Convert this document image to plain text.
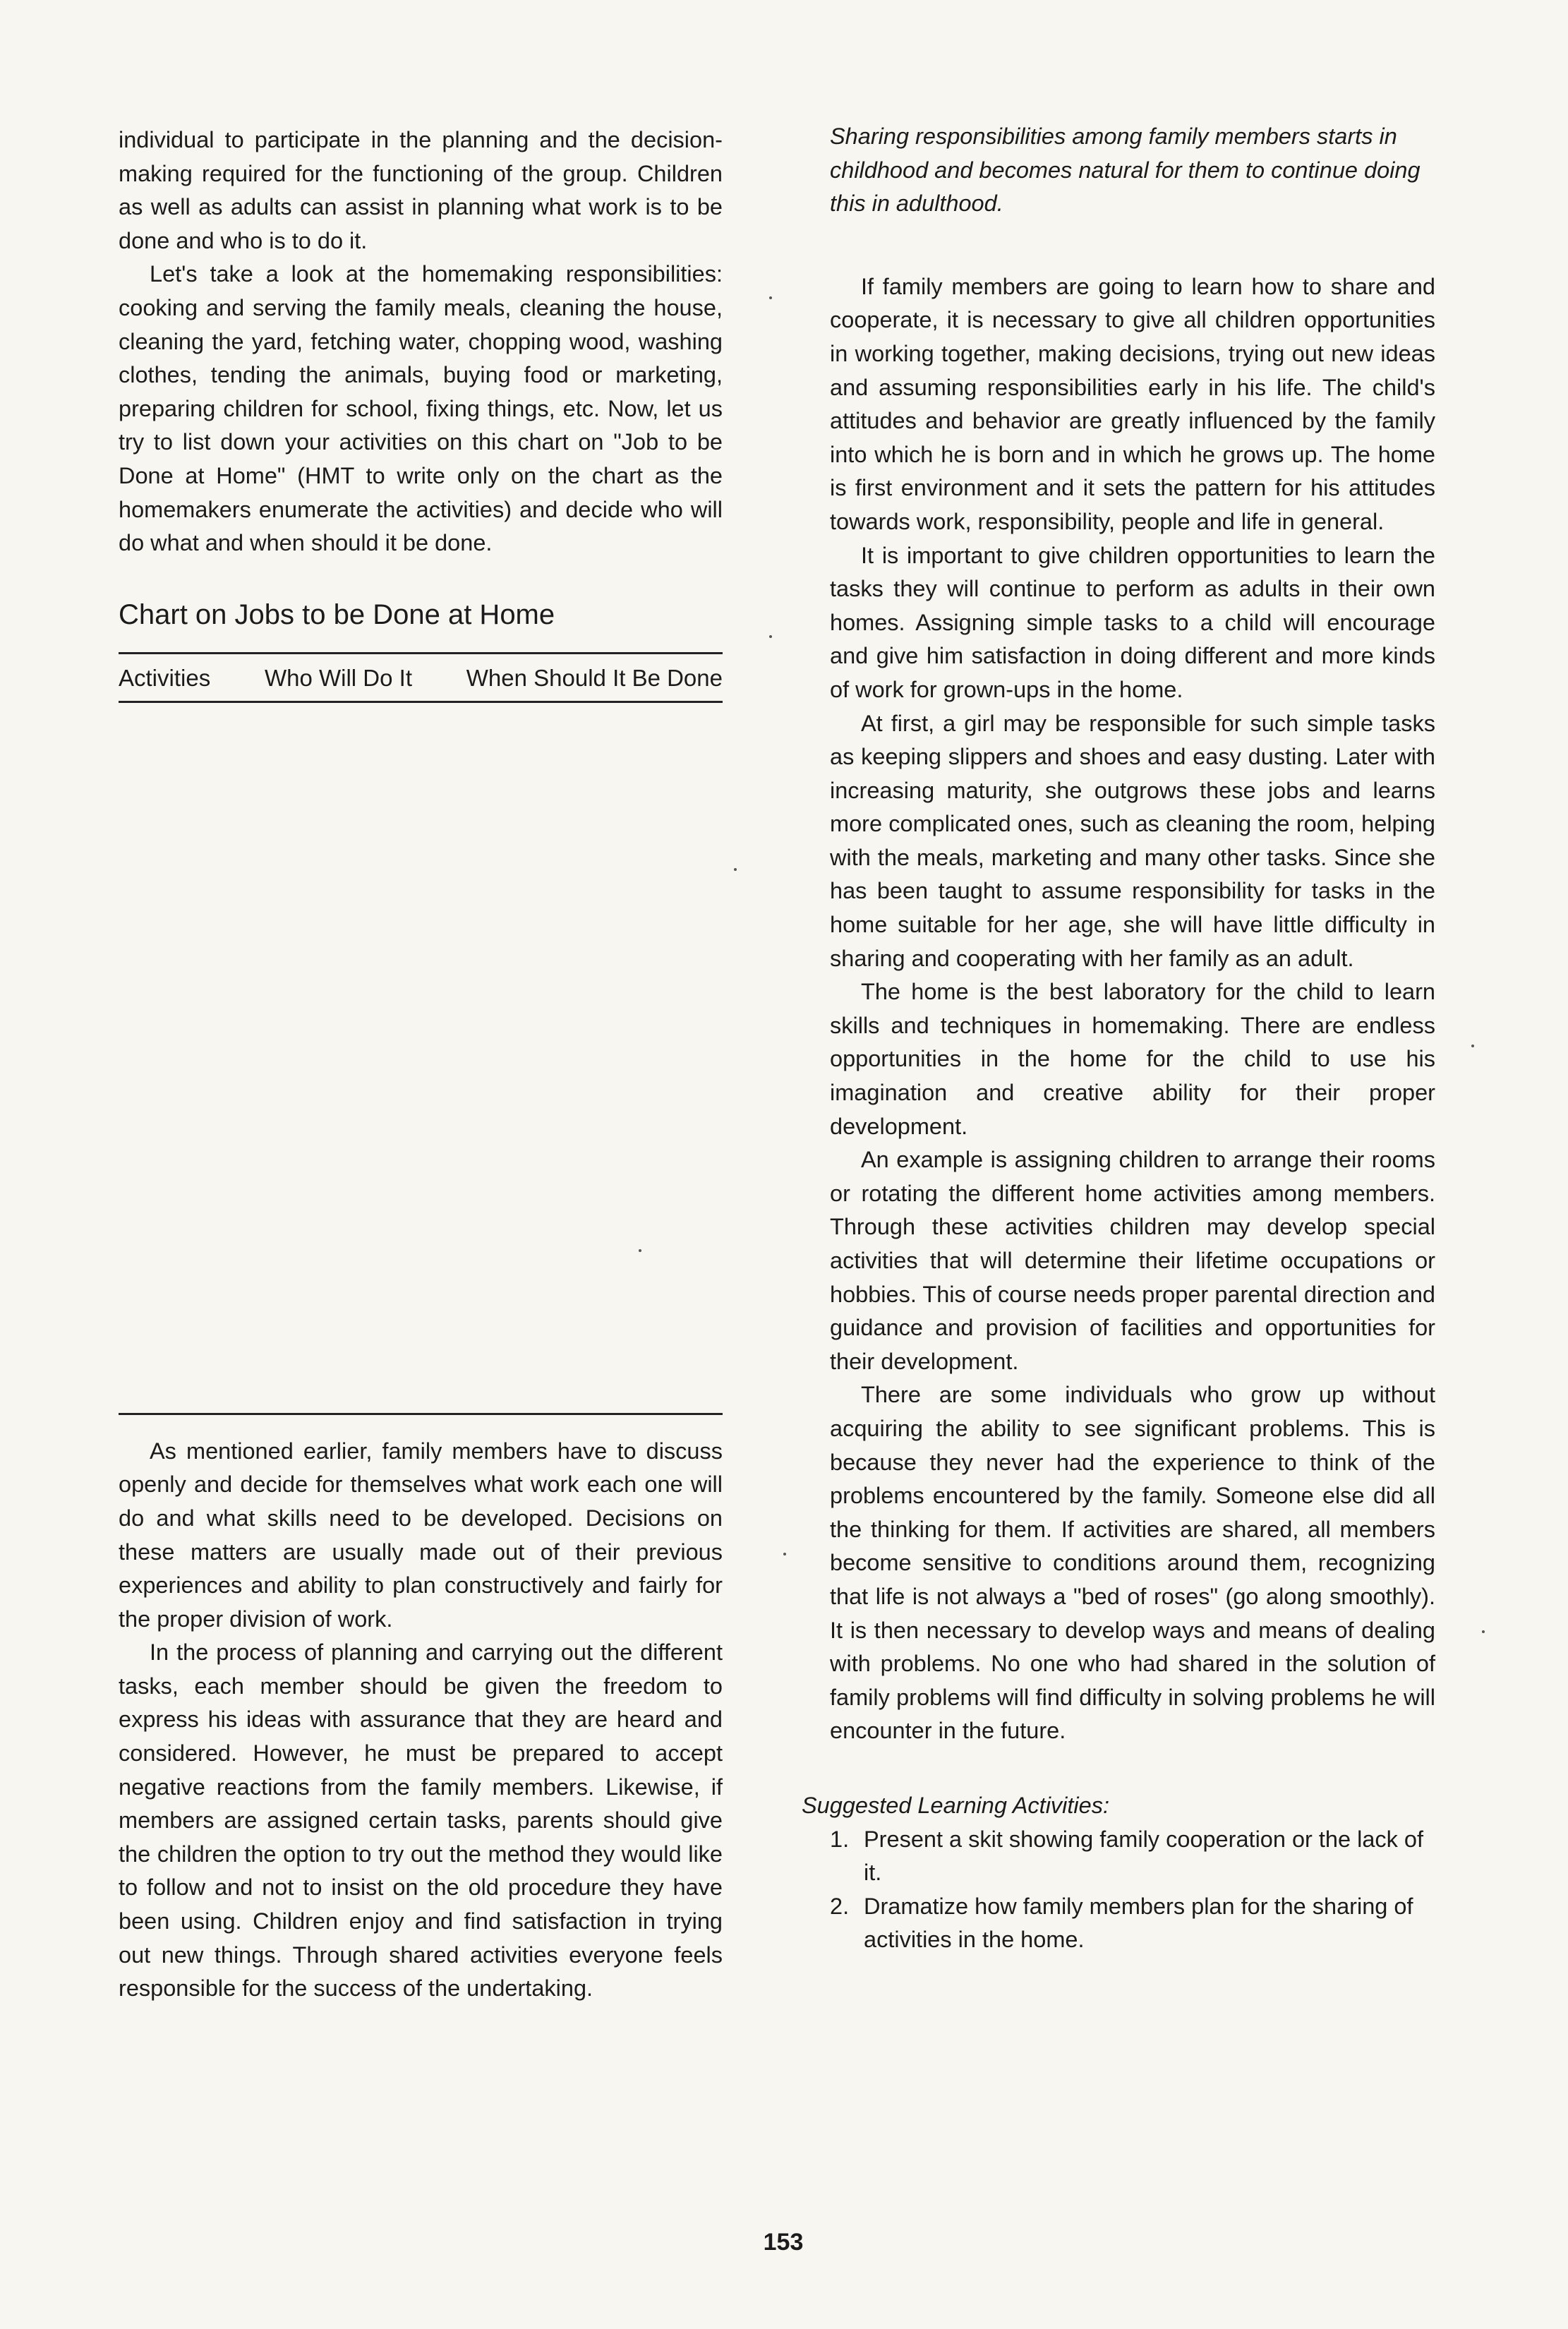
individual to participate in the planning and the decision-making required for the functioning of the group. Children as well as adults can assist in planning what work is to be done and who is to do it.

Let's take a look at the homemaking responsibilities: cooking and serving the family meals, cleaning the house, cleaning the yard, fetching water, chopping wood, washing clothes, tending the animals, buying food or marketing, preparing children for school, fixing things, etc. Now, let us try to list down your activities on this chart on "Job to be Done at Home" (HMT to write only on the chart as the homemakers enumerate the activities) and decide who will do what and when should it be done.

Chart on Jobs to be Done at Home
Activities Who Will Do It When Should It Be Done

As mentioned earlier, family members have to discuss openly and decide for themselves what work each one will do and what skills need to be developed. Decisions on these matters are usually made out of their previous experiences and ability to plan constructively and fairly for the proper division of work.

In the process of planning and carrying out the different tasks, each member should be given the freedom to express his ideas with assurance that they are heard and considered. However, he must be prepared to accept negative reactions from the family members. Likewise, if members are assigned certain tasks, parents should give the children the option to try out the method they would like to follow and not to insist on the old procedure they have been using. Children enjoy and find satisfaction in trying out new things. Through shared activities everyone feels responsible for the success of the undertaking.

Sharing responsibilities among family members starts in childhood and becomes natural for them to continue doing this in adulthood.

If family members are going to learn how to share and cooperate, it is necessary to give all children opportunities in working together, making decisions, trying out new ideas and assuming responsibilities early in his life. The child's attitudes and behavior are greatly influenced by the family into which he is born and in which he grows up. The home is first environment and it sets the pattern for his attitudes towards work, responsibility, people and life in general.

It is important to give children opportunities to learn the tasks they will continue to perform as adults in their own homes. Assigning simple tasks to a child will encourage and give him satisfaction in doing different and more kinds of work for grown-ups in the home.

At first, a girl may be responsible for such simple tasks as keeping slippers and shoes and easy dusting. Later with increasing maturity, she outgrows these jobs and learns more complicated ones, such as cleaning the room, helping with the meals, marketing and many other tasks. Since she has been taught to assume responsibility for tasks in the home suitable for her age, she will have little difficulty in sharing and cooperating with her family as an adult.

The home is the best laboratory for the child to learn skills and techniques in homemaking. There are endless opportunities in the home for the child to use his imagination and creative ability for their proper development.

An example is assigning children to arrange their rooms or rotating the different home activities among members. Through these activities children may develop special activities that will determine their lifetime occupations or hobbies. This of course needs proper parental direction and guidance and provision of facilities and opportunities for their development.

There are some individuals who grow up without acquiring the ability to see significant problems. This is because they never had the experience to think of the problems encountered by the family. Someone else did all the thinking for them. If activities are shared, all members become sensitive to conditions around them, recognizing that life is not always a "bed of roses" (go along smoothly). It is then necessary to develop ways and means of dealing with problems. No one who had shared in the solution of family problems will find difficulty in solving problems he will encounter in the future.

Suggested Learning Activities:
1. Present a skit showing family cooperation or the lack of it.
2. Dramatize how family members plan for the sharing of activities in the home.
153
